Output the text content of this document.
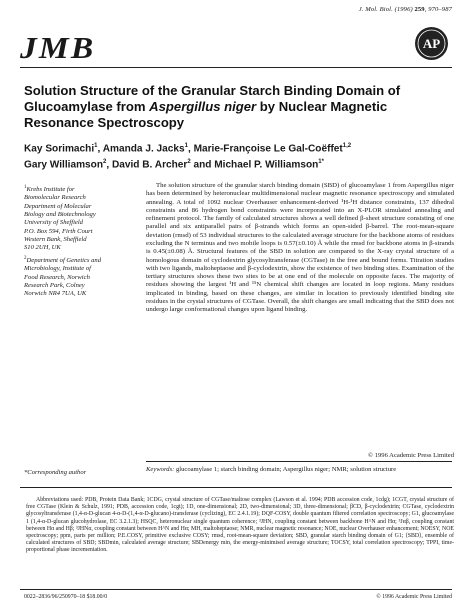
J. Mol. Biol. (1996) 259, 970–987
JMB	AP
Solution Structure of the Granular Starch Binding Domain of Glucoamylase from Aspergillus niger by Nuclear Magnetic Resonance Spectroscopy
Kay Sorimachi$^1$, Amanda J. Jacks$^1$, Marie-Françoise Le Gal-Coëffet$^{1,2}$
Gary Williamson$^2$, David B. Archer$^2$ and Michael P. Williamson$^{1*}$
$^1$Krebs Institute for
Biomolecular Research
Department of Molecular
Biology and Biotechnology
University of Sheffield
P.O. Box 594, Firth Court
Western Bank, Sheffield
S10 2UH, UK
$^2$Department of Genetics and
Microbiology, Institute of
Food Research, Norwich
Research Park, Colney
Norwich NR4 7UA, UK
The solution structure of the granular starch binding domain (SBD) of glucoamylase 1 from Aspergillus niger has been determined by heteronuclear multidimensional nuclear magnetic resonance spectroscopy and simulated annealing. A total of 1092 nuclear Overhauser enhancement-derived ¹H-¹H distance constraints, 137 dihedral constraints and 86 hydrogen bond constraints were incorporated into an X-PLOR simulated annealing and refinement protocol. The family of calculated structures shows a well defined β-sheet structure consisting of one parallel and six antiparallel pairs of β-strands which forms an open-sided β-barrel. The root-mean-square deviation (rmsd) of 53 individual structures to the calculated average structure for the backbone atoms of residues excluding the N terminus and two mobile loops is 0.57(±0.10) Å while the rmsd for backbone atoms in β-strands is 0.45(±0.08) Å. Structural features of the SBD in solution are compared to the X-ray crystal structure of a homologous domain of cyclodextrin glycosyltransferase (CGTase) in the free and bound forms. Titration studies with two ligands, maltoheptaose and β-cyclodextrin, show the existence of two binding sites. Examination of the tertiary structures shows these two sites to be at one end of the molecule on opposite faces. The majority of residues showing the largest ¹H and ¹⁵N chemical shift changes are located in loop regions. Many residues implicated in binding, based on these changes, are similar in location to previously identified binding site residues in the crystal structures of CGTase. Overall, the shift changes are small indicating that the SBD does not undergo large conformational changes upon ligand binding.
© 1996 Academic Press Limited
Keywords: glucoamylase 1; starch binding domain; Aspergillus niger; NMR; solution structure
*Corresponding author
Abbreviations used: PDB, Protein Data Bank; 1CDG, crystal structure of CGTase/maltose complex (Lawson et al. 1994; PDB accession code, 1cdg); 1CGT, crystal structure of free CGTase (Klein & Schulz, 1991; PDB, accession code, 1cgt); 1D, one-dimensional; 2D, two-dimensional; 3D, three-dimensional; βCD, β-cyclodextrin; CGTase, cyclodextrin glycosyltransferase (1,4-α-D-glucan 4-α-D-(1,4-α-D-glucano)-transferase (cyclizing), EC 2.4.1.19); DQF-COSY, double quantum filtered correlation spectroscopy; G1, glucoamylase 1 (1,4-α-D-glucan glucohydrolase, EC 3.2.1.3); HSQC, heteronuclear single quantum coherence; ³JHN, coupling constant between backbone H^N and Hα; ³Jαβ, coupling constant between Hα and Hβ; ³JHNα, coupling constant between H^N and Hα; MH, maltoheptaose; NMR, nuclear magnetic resonance; NOE, nuclear Overhauser enhancement; NOESY, NOE spectroscopy; ppm, parts per million; P.E.COSY, primitive exclusive COSY; rmsd, root-mean-square deviation; SBD, granular starch binding domain of G1; ⟨SBD⟩, ensemble of calculated structures of SBD; SBDmin, calculated average structure; SBDenergy min, the energy-minimised average structure; TOCSY, total correlation spectroscopy; TPPI, time-proportional phase incrementation.
0022–2836/96/250970–18 $18.00/0	© 1996 Academic Press Limited
